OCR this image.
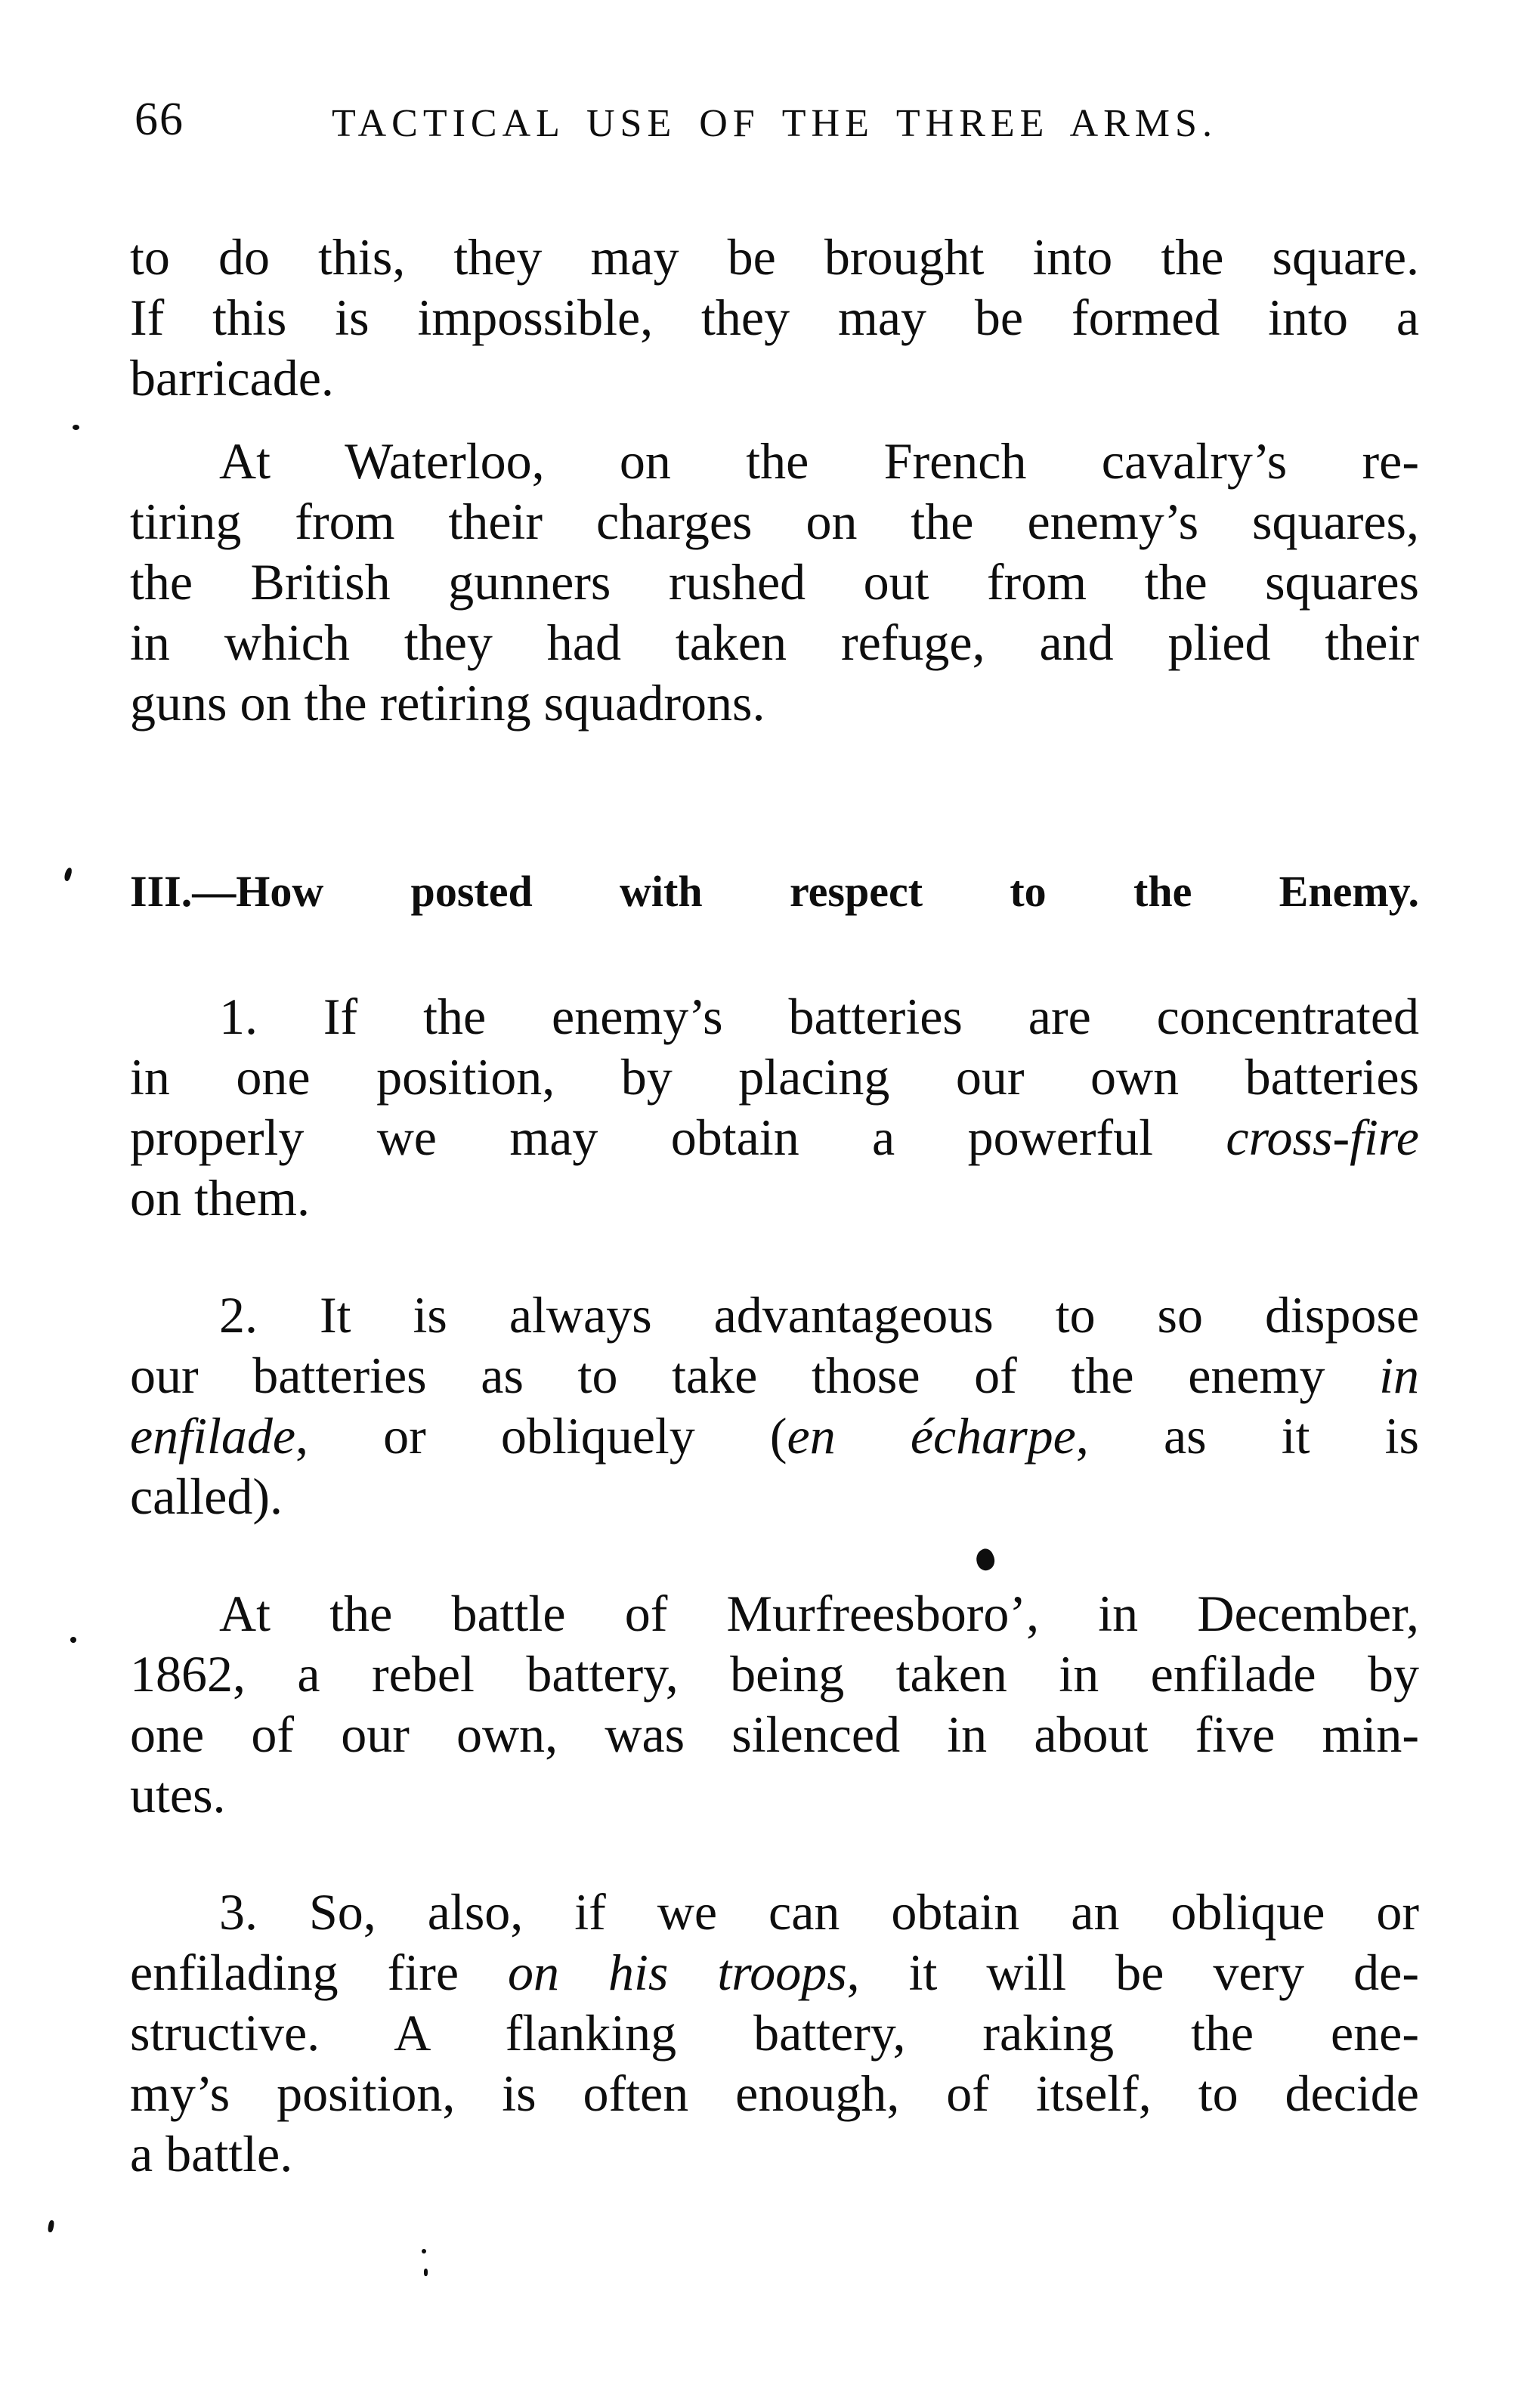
66	TACTICAL USE OF THE THREE ARMS.
to do this, they may be brought into the square.
If this is impossible, they may be formed into a
barricade.
At Waterloo, on the French cavalry’s re-
tiring from their charges on the enemy’s squares,
the British gunners rushed out from the squares
in which they had taken refuge, and plied their
guns on the retiring squadrons.
III.—How posted with respect to the Enemy.
1. If the enemy’s batteries are concentrated
in one position, by placing our own batteries
properly we may obtain a powerful cross-fire
on them.
2. It is always advantageous to so dispose
our batteries as to take those of the enemy in
enfilade, or obliquely (en écharpe, as it is
called).
At the battle of Murfreesboro’, in December,
1862, a rebel battery, being taken in enfilade by
one of our own, was silenced in about five min-
utes.
3. So, also, if we can obtain an oblique or
enfilading fire on his troops, it will be very de-
structive. A flanking battery, raking the ene-
my’s position, is often enough, of itself, to decide
a battle.
